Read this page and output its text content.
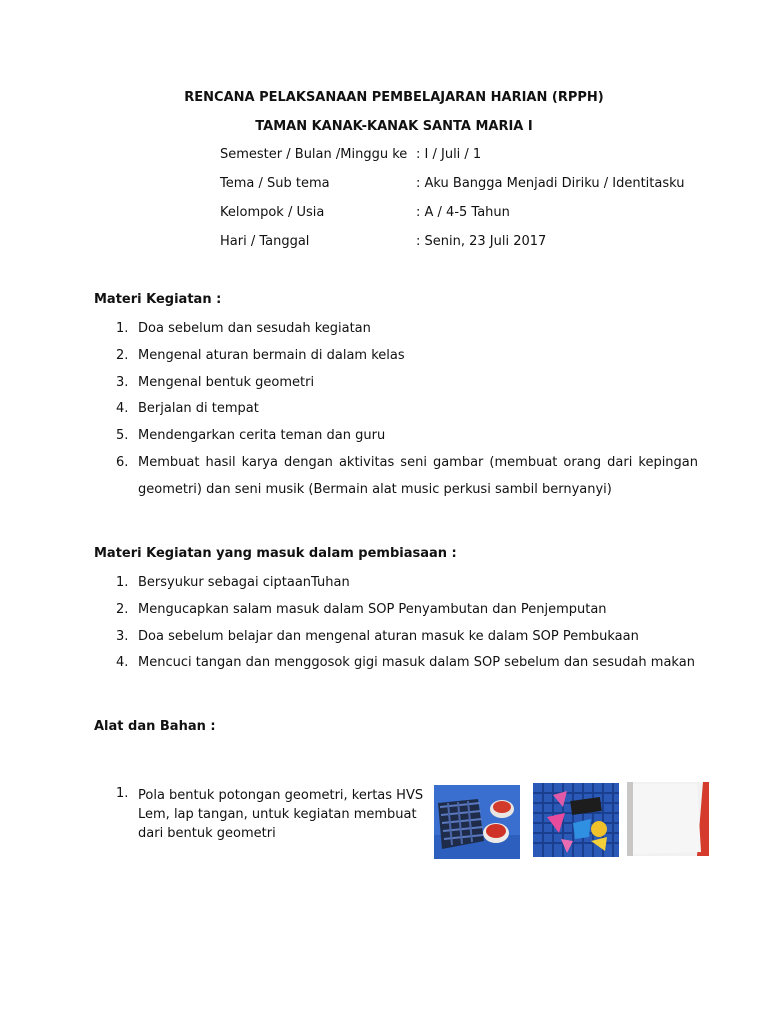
RENCANA PELAKSANAAN PEMBELAJARAN HARIAN (RPPH)
TAMAN KANAK-KANAK SANTA MARIA I
Semester / Bulan /Minggu ke : I / Juli / 1
Tema / Sub tema	: Aku Bangga Menjadi Diriku / Identitasku
Kelompok / Usia	: A / 4-5 Tahun
Hari / Tanggal	: Senin, 23 Juli 2017
Materi Kegiatan :
1. Doa sebelum dan sesudah kegiatan
2. Mengenal aturan bermain di dalam kelas
3. Mengenal bentuk geometri
4. Berjalan di tempat
5. Mendengarkan cerita teman dan guru
6. Membuat hasil karya dengan aktivitas seni gambar (membuat orang dari kepingan geometri) dan seni musik (Bermain alat music perkusi sambil bernyanyi)
Materi Kegiatan yang masuk dalam pembiasaan :
1. Bersyukur sebagai ciptaanTuhan
2. Mengucapkan salam masuk dalam SOP Penyambutan dan Penjemputan
3. Doa sebelum belajar dan mengenal aturan masuk ke dalam SOP Pembukaan
4. Mencuci tangan dan menggosok gigi masuk dalam SOP sebelum dan sesudah makan
Alat dan Bahan :
1. Pola bentuk potongan geometri, kertas HVS Lem, lap tangan, untuk kegiatan membuat dari bentuk geometri
